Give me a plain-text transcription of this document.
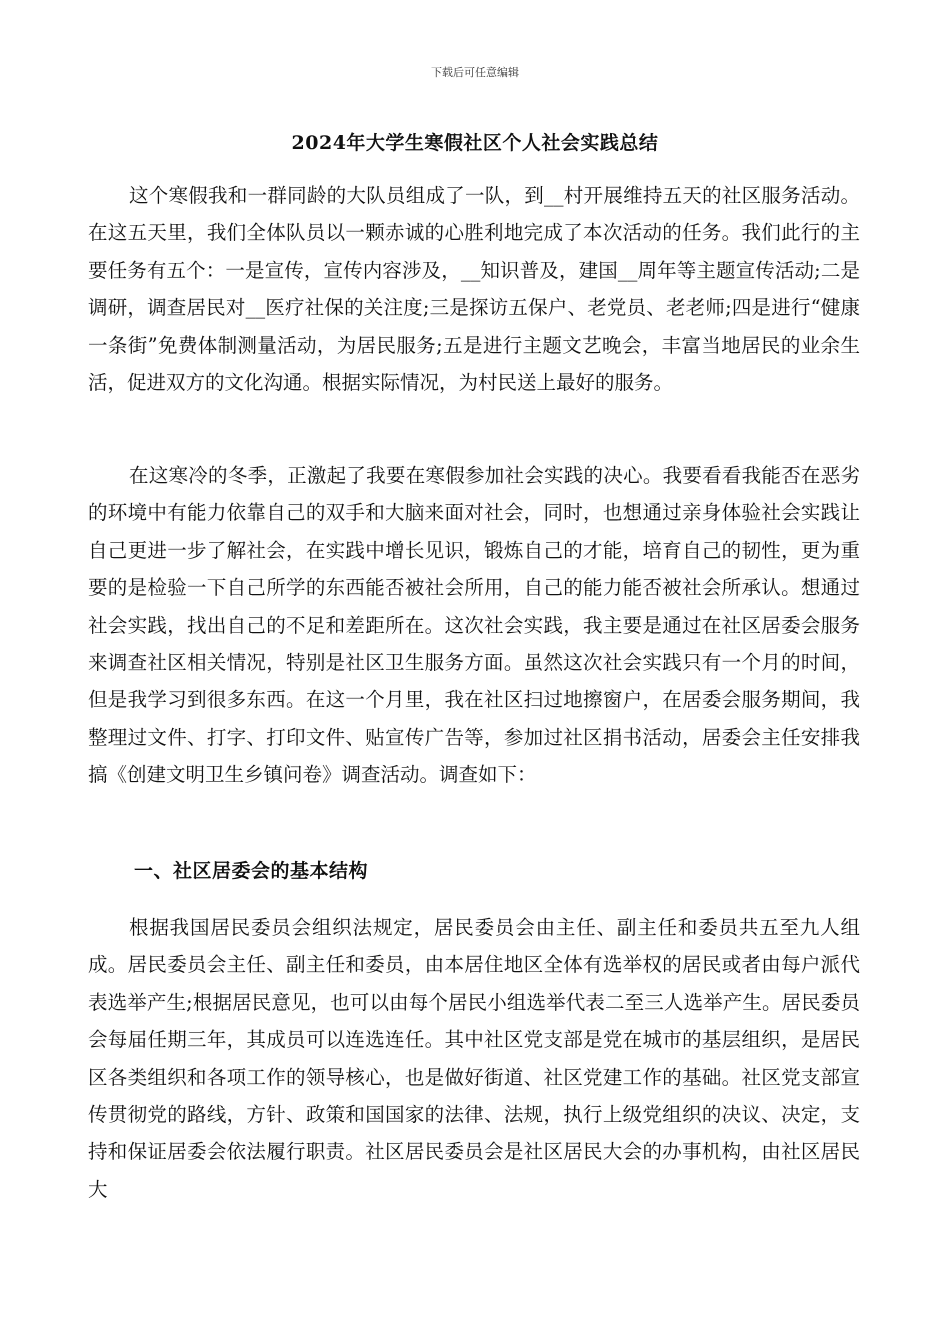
下载后可任意编辑
2024年大学生寒假社区个人社会实践总结

这个寒假我和一群同龄的大队员组成了一队，到__村开展维持五天的社区服务活动。在这五天里，我们全体队员以一颗赤诚的心胜利地完成了本次活动的任务。我们此行的主要任务有五个：一是宣传，宣传内容涉及，__知识普及，建国__周年等主题宣传活动;二是调研，调查居民对__医疗社保的关注度;三是探访五保户、老党员、老老师;四是进行“健康一条街”免费体制测量活动，为居民服务;五是进行主题文艺晚会，丰富当地居民的业余生活，促进双方的文化沟通。根据实际情况，为村民送上最好的服务。

在这寒冷的冬季，正激起了我要在寒假参加社会实践的决心。我要看看我能否在恶劣的环境中有能力依靠自己的双手和大脑来面对社会，同时，也想通过亲身体验社会实践让自己更进一步了解社会，在实践中增长见识，锻炼自己的才能，培育自己的韧性，更为重要的是检验一下自己所学的东西能否被社会所用，自己的能力能否被社会所承认。想通过社会实践，找出自己的不足和差距所在。这次社会实践，我主要是通过在社区居委会服务来调查社区相关情况，特别是社区卫生服务方面。虽然这次社会实践只有一个月的时间，但是我学习到很多东西。在这一个月里，我在社区扫过地擦窗户，在居委会服务期间，我整理过文件、打字、打印文件、贴宣传广告等，参加过社区捐书活动，居委会主任安排我搞《创建文明卫生乡镇问卷》调查活动。调查如下：

一、社区居委会的基本结构

根据我国居民委员会组织法规定，居民委员会由主任、副主任和委员共五至九人组成。居民委员会主任、副主任和委员，由本居住地区全体有选举权的居民或者由每户派代表选举产生;根据居民意见，也可以由每个居民小组选举代表二至三人选举产生。居民委员会每届任期三年，其成员可以连选连任。其中社区党支部是党在城市的基层组织，是居民区各类组织和各项工作的领导核心，也是做好街道、社区党建工作的基础。社区党支部宣传贯彻党的路线，方针、政策和国国家的法律、法规，执行上级党组织的决议、决定，支持和保证居委会依法履行职责。社区居民委员会是社区居民大会的办事机构，由社区居民大
